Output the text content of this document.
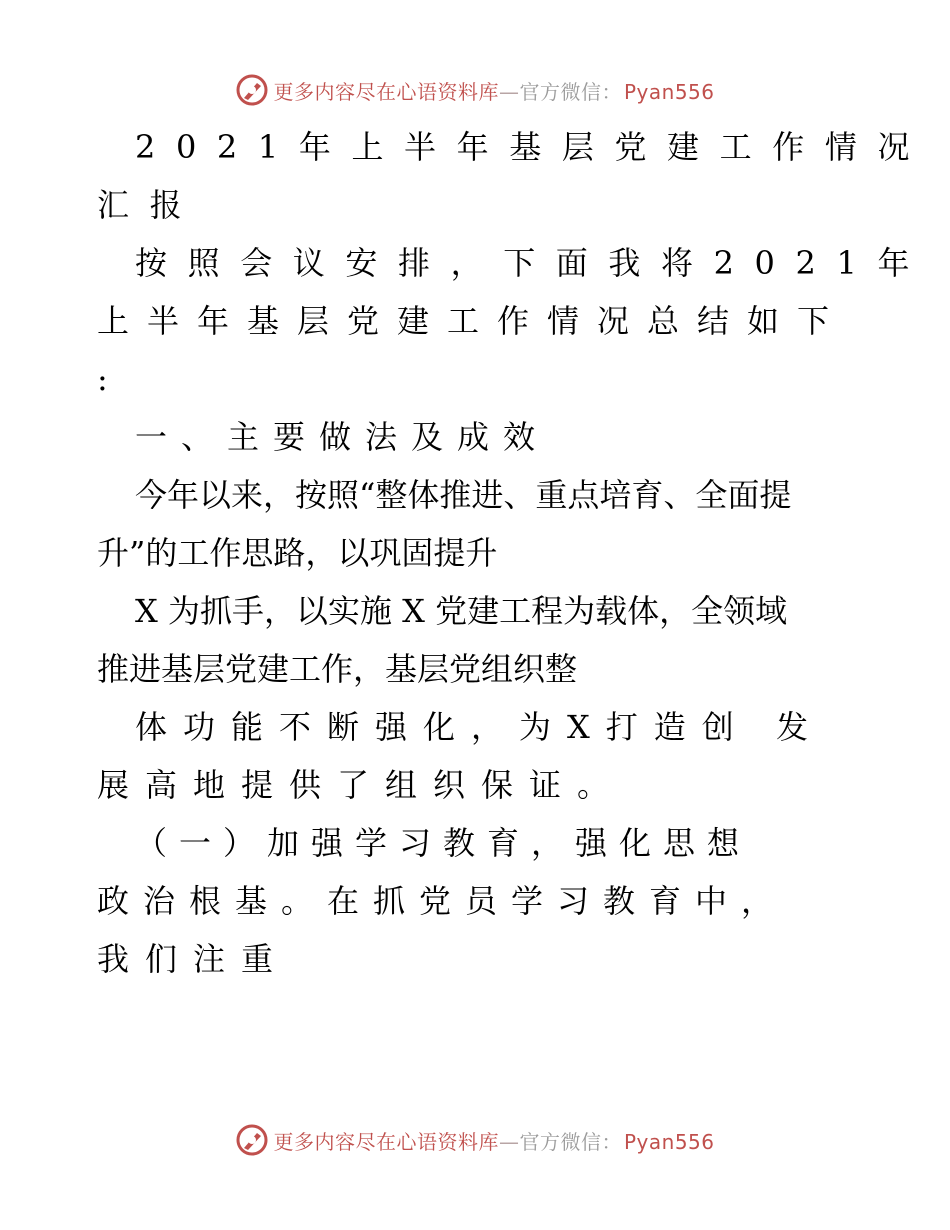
更多内容尽在心语资料库—官方微信： Pyan556
2021年上半年基层党建工作情况
汇报
按照会议安排，下面我将2021年
上半年基层党建工作情况总结如下
:
一、主要做法及成效
今年以来，按照“整体推进、重点培育、全面提
升”的工作思路，以巩固提升
X 为抓手，以实施 X 党建工程为载体，全领域
推进基层党建工作，基层党组织整
体功能不断强化，为X打造创 发
展高地提供了组织保证。
（一）加强学习教育，强化思想
政治根基。在抓党员学习教育中，
我们注重
更多内容尽在心语资料库—官方微信： Pyan556
